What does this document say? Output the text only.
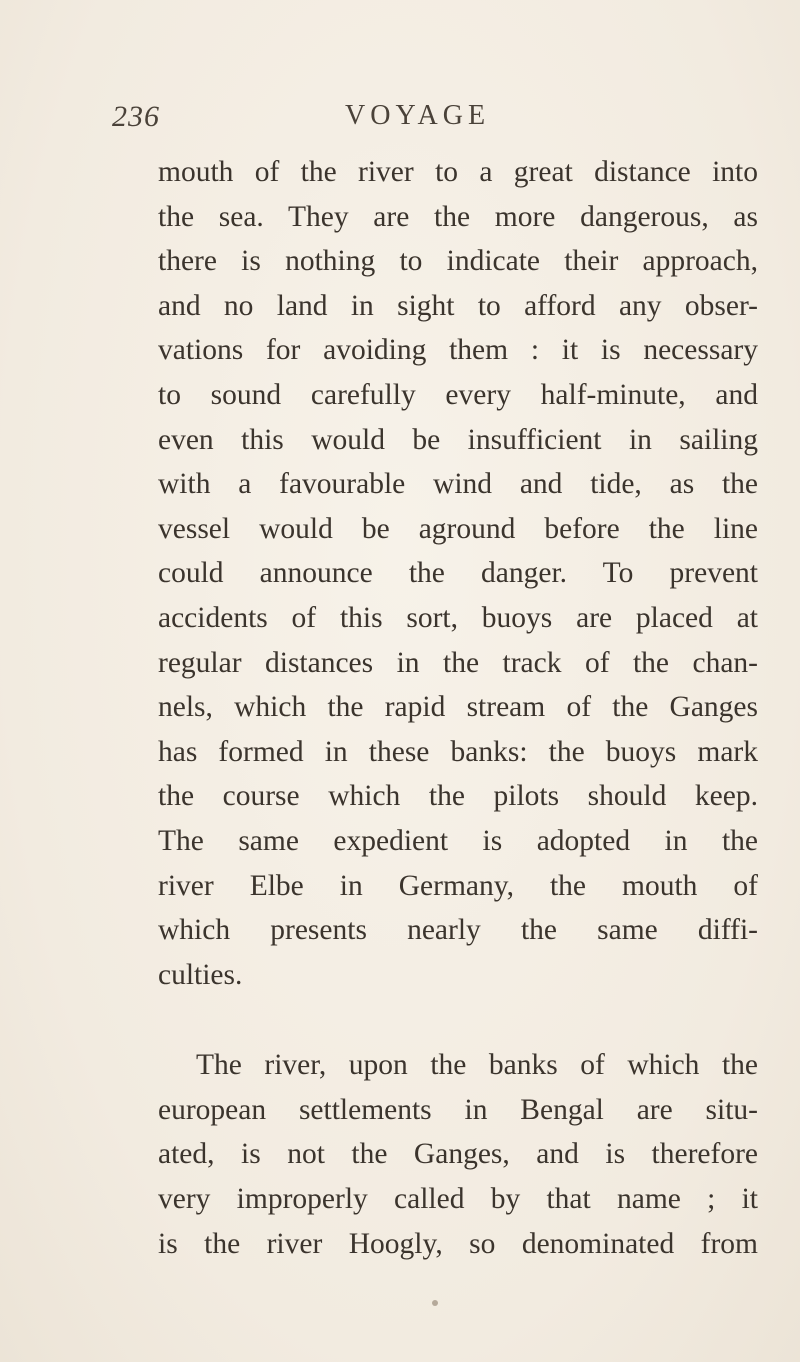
236	VOYAGE

mouth of the river to a great distance into
the sea. They are the more dangerous, as
there is nothing to indicate their approach,
and no land in sight to afford any obser-
vations for avoiding them : it is necessary
to sound carefully every half-minute, and
even this would be insufficient in sailing
with a favourable wind and tide, as the
vessel would be aground before the line
could announce the danger. To prevent
accidents of this sort, buoys are placed at
regular distances in the track of the chan-
nels, which the rapid stream of the Ganges
has formed in these banks: the buoys mark
the course which the pilots should keep.
The same expedient is adopted in the
river Elbe in Germany, the mouth of
which presents nearly the same diffi-
culties.

The river, upon the banks of which the
european settlements in Bengal are situ-
ated, is not the Ganges, and is therefore
very improperly called by that name ; it
is the river Hoogly, so denominated from
